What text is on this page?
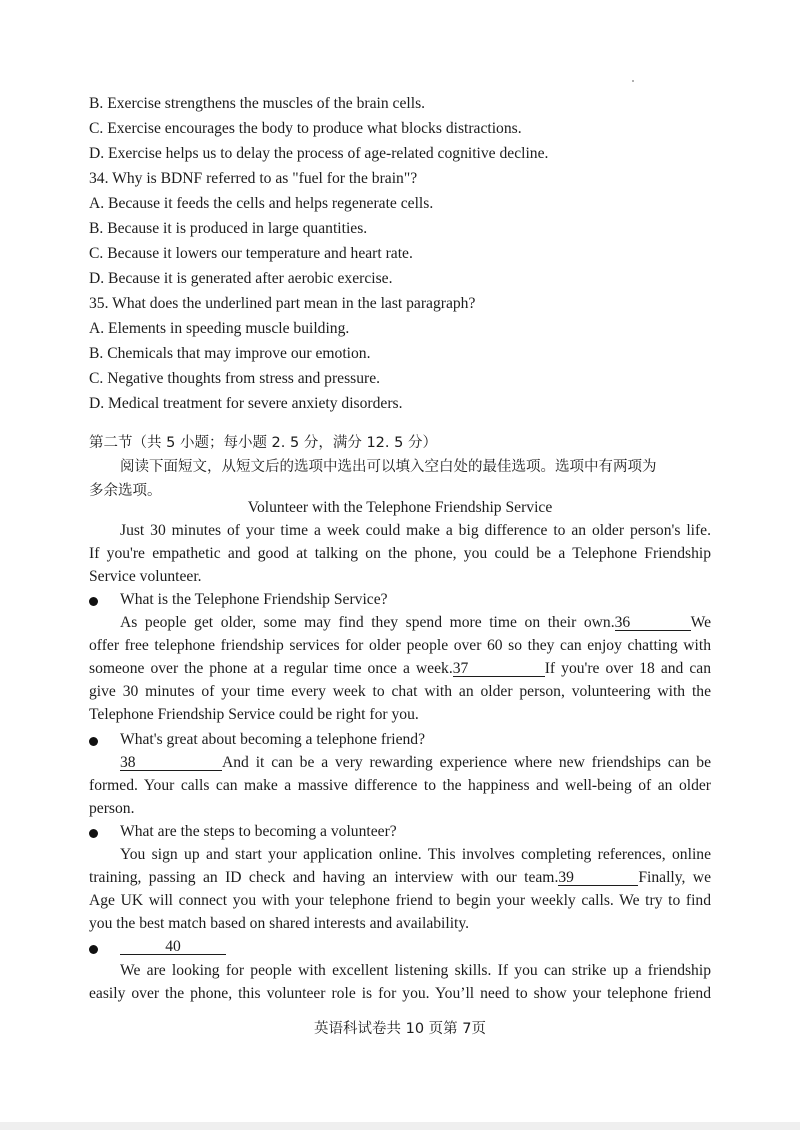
B. Exercise strengthens the muscles of the brain cells.
C. Exercise encourages the body to produce what blocks distractions.
D. Exercise helps us to delay the process of age-related cognitive decline.
34. Why is BDNF referred to as "fuel for the brain"?
A. Because it feeds the cells and helps regenerate cells.
B. Because it is produced in large quantities.
C. Because it lowers our temperature and heart rate.
D. Because it is generated after aerobic exercise.
35. What does the underlined part mean in the last paragraph?
A. Elements in speeding muscle building.
B. Chemicals that may improve our emotion.
C. Negative thoughts from stress and pressure.
D. Medical treatment for severe anxiety disorders.
第二节（共 5 小题；每小题 2. 5 分，满分 12. 5 分）
阅读下面短文，从短文后的选项中选出可以填入空白处的最佳选项。选项中有两项为
多余选项。
Volunteer with the Telephone Friendship Service
Just 30 minutes of your time a week could make a big difference to an older person's life.
If you're empathetic and good at talking on the phone, you could be a Telephone Friendship
Service volunteer.
What is the Telephone Friendship Service?
As people get older, some may find they spend more time on their own.36	We
offer free telephone friendship services for older people over 60 so they can enjoy chatting with
someone over the phone at a regular time once a week.37	If you're over 18 and can
give 30 minutes of your time every week to chat with an older person, volunteering with the
Telephone Friendship Service could be right for you.
What's great about becoming a telephone friend?
38	And it can be a very rewarding experience where new friendships can be
formed. Your calls can make a massive difference to the happiness and well-being of an older
person.
What are the steps to becoming a volunteer?
You sign up and start your application online. This involves completing references, online
training, passing an ID check and having an interview with our team.39	Finally, we
Age UK will connect you with your telephone friend to begin your weekly calls. We try to find
you the best match based on shared interests and availability.
40
We are looking for people with excellent listening skills. If you can strike up a friendship
easily over the phone, this volunteer role is for you. You’ll need to show your telephone friend
英语科试卷共 10 页第 7页
